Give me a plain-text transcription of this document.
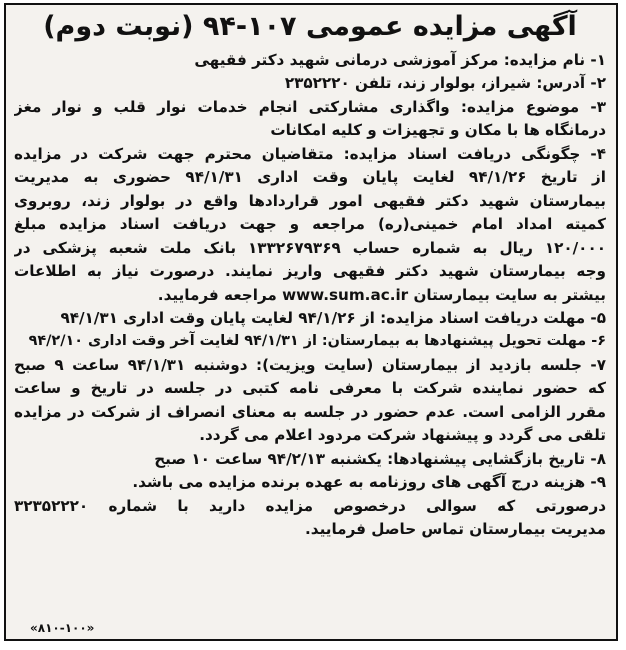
آگهی مزایده عمومی ۱۰۷-۹۴ (نوبت دوم)
۱- نام مزایده: مرکز آموزشی درمانی شهید دکتر فقیهی
۲- آدرس: شیراز، بولوار زند، تلفن ۲۳۵۲۲۲۰
۳- موضوع مزایده: واگذاری مشارکتی انجام خدمات نوار قلب و نوار مغز
درمانگاه ها با مکان و تجهیزات و کلیه امکانات
۴- چگونگی دریافت اسناد مزایده: متقاضیان محترم جهت شرکت در مزایده
از تاریخ ۹۴/۱/۲۶ لغایت پایان وقت اداری ۹۴/۱/۳۱ حضوری به مدیریت
بیمارستان شهید دکتر فقیهی امور قراردادها واقع در بولوار زند، روبروی
کمیته امداد امام خمینی(ره) مراجعه و جهت دریافت اسناد مزایده مبلغ
۱۲۰/۰۰۰ ریال به شماره حساب ۱۳۳۲۶۷۹۳۶۹ بانک ملت شعبه پزشکی در
وجه بیمارستان شهید دکتر فقیهی واریز نمایند. درصورت نیاز به اطلاعات
بیشتر به سایت بیمارستان www.sum.ac.ir مراجعه فرمایید.
۵- مهلت دریافت اسناد مزایده: از ۹۴/۱/۲۶ لغایت پایان وقت اداری ۹۴/۱/۳۱
۶- مهلت تحویل پیشنهادها به بیمارستان: از ۹۴/۱/۳۱ لغایت آخر وقت اداری ۹۴/۲/۱۰
۷- جلسه بازدید از بیمارستان (سایت ویزیت): دوشنبه ۹۴/۱/۳۱ ساعت ۹ صبح
که حضور نماینده شرکت با معرفی نامه کتبی در جلسه در تاریخ و ساعت
مقرر الزامی است. عدم حضور در جلسه به معنای انصراف از شرکت در مزایده
تلقی می گردد و پیشنهاد شرکت مردود اعلام می گردد.
۸- تاریخ بازگشایی پیشنهادها: یکشنبه ۹۴/۲/۱۳ ساعت ۱۰ صبح
۹- هزینه درج آگهی های روزنامه به عهده برنده مزایده می باشد.
درصورتی که سوالی درخصوص مزایده دارید با شماره ۳۲۳۵۲۲۲۰
مدیریت بیمارستان تماس حاصل فرمایید.
«۸۱۰-۱۰۰»
